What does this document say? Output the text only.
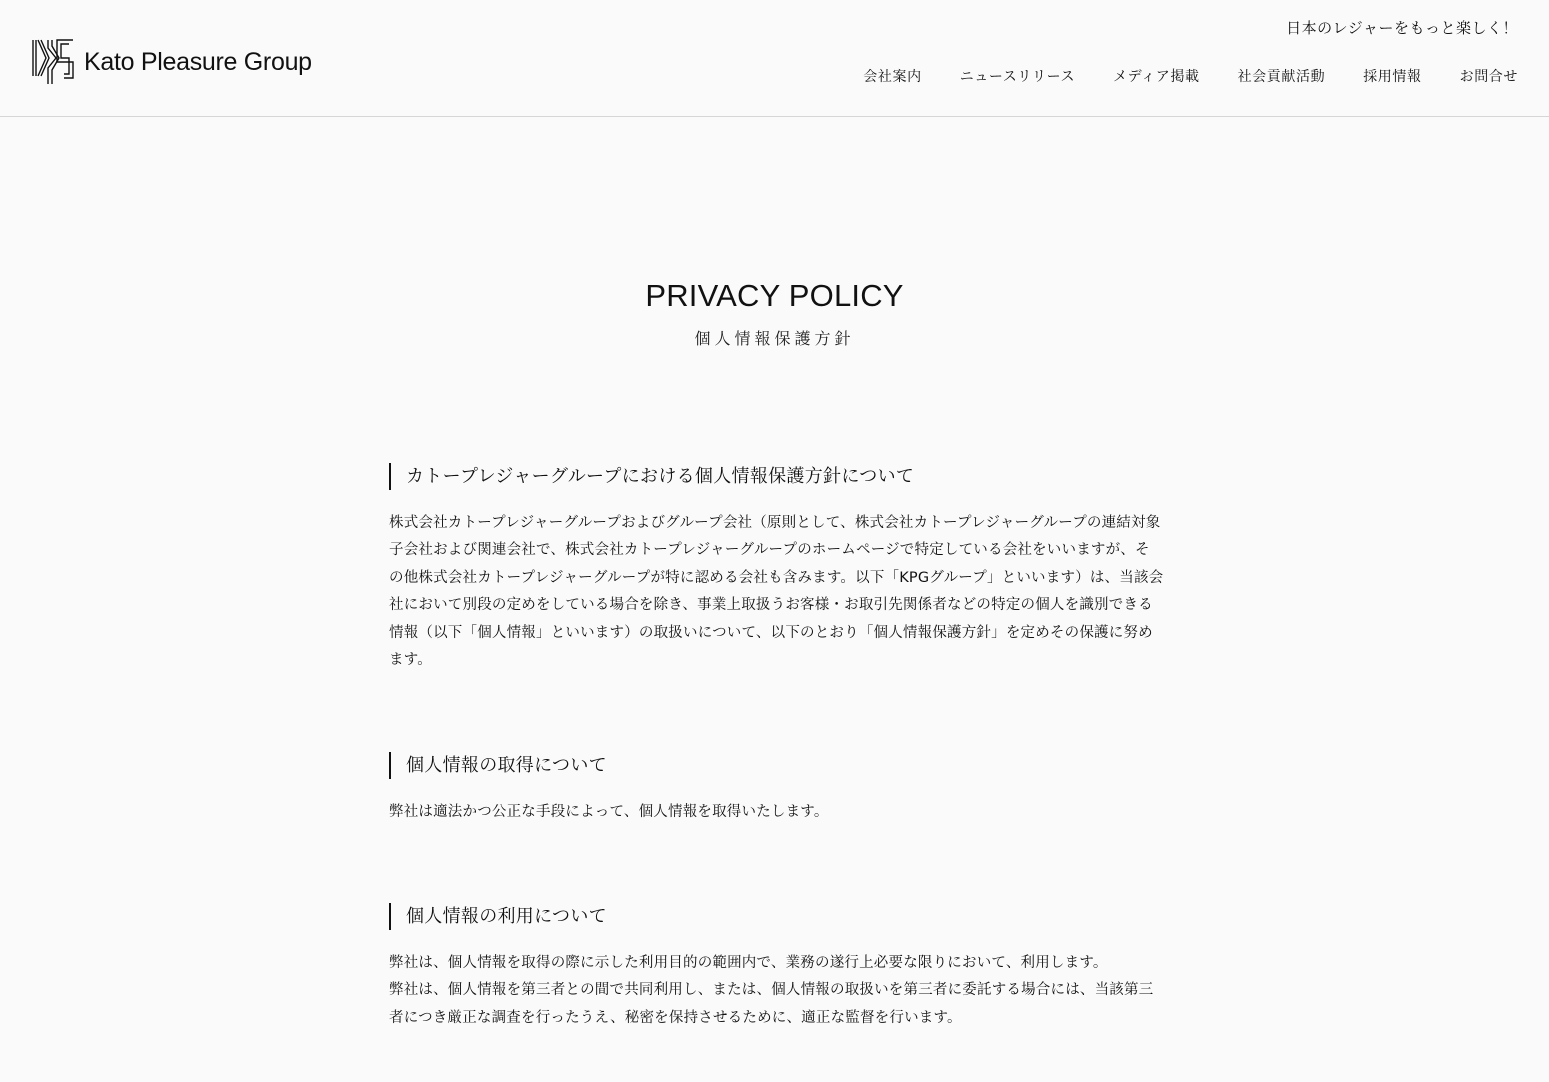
Kato Pleasure Group
日本のレジャーをもっと楽しく！
会社案内	ニュースリリース	メディア掲載	社会貢献活動	採用情報	お問合せ
PRIVACY POLICY
個人情報保護方針
カトープレジャーグループにおける個人情報保護方針について

株式会社カトープレジャーグループおよびグループ会社（原則として、株式会社カトープレジャーグループの連結対象子会社および関連会社で、株式会社カトープレジャーグループのホームページで特定している会社をいいますが、その他株式会社カトープレジャーグループが特に認める会社も含みます。以下「KPGグループ」といいます）は、当該会社において別段の定めをしている場合を除き、事業上取扱うお客様・お取引先関係者などの特定の個人を識別できる情報（以下「個人情報」といいます）の取扱いについて、以下のとおり「個人情報保護方針」を定めその保護に努めます。

個人情報の取得について

弊社は適法かつ公正な手段によって、個人情報を取得いたします。

個人情報の利用について

弊社は、個人情報を取得の際に示した利用目的の範囲内で、業務の遂行上必要な限りにおいて、利用します。

弊社は、個人情報を第三者との間で共同利用し、または、個人情報の取扱いを第三者に委託する場合には、当該第三者につき厳正な調査を行ったうえ、秘密を保持させるために、適正な監督を行います。
